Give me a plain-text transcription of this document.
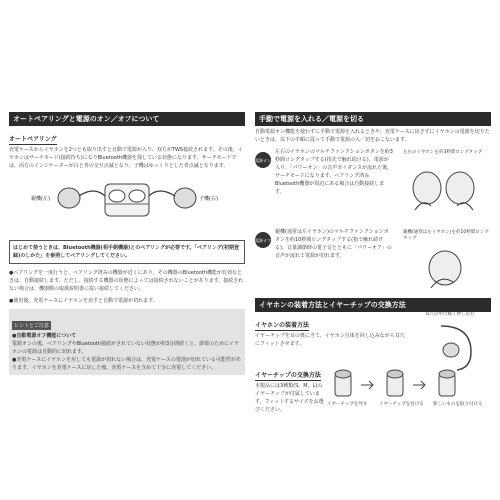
オートペアリングと電源のオン／オフについて
オートペアリング
充電ケースからイヤホンを2つとも取り出すと自動で電源が入り、双方がTWS接続されます。その後、イヤホンはサーチモード(接続待ち)になりBluetooth機器を探している状態になります。サーチモードでは、両方のインジケーターが白と青の交互点滅となり、子機はゆっくりとした青点滅となります。
親機(左)	子機(右)
はじめて使うときは、Bluetooth機器(相手側機器)とのペアリングが必要です。「ペアリング(初期登録)のしかた」を参照してペアリングしてください。
●ペアリングを一度行うと、ペアリング済みの機器が近くにあり、その機器のBluetooth機能が有効なときは、自動接続します。ただし、接続する機器の状態によっては接続されないことがあります。接続されない場合は、機器側の取扱説明書に従い接続してください。
●使用後、充電ケースにイヤホンを戻すと自動で電源が切れます。
ヒントとご注意
●自動電源オフ機能について
電源オンの後、ペアリングやBluetooth接続がされていない状態が約3分間続くと、節電のためにイヤホンの電源は自動的に切れます。
●充電ケースにイヤホンを戻しても電源が切れない場合は、充電ケースの電池が切れている可能性があります。イヤホンを充電ケースに戻した後、充電ケースを含めて十分に充電してください。
手動で電源を入れる／電源を切る
自動電源オン機能を使わずに手動で電源を入れるときや、充電ケースに戻さずにイヤホンの電源を切りたいときは、以下の手順に従って手動で電源の入／切をおこないます。
電源オン
左右のイヤホンのマルチファンクションボタンを約3秒間ロングタップする(指先で触れ続ける)。電源が入り、「パワーオン」の音声ガイダンスが流れた後、サーチモードになります。ペアリング済みBluetooth機器が周辺にある場合は自動接続します。
左右のイヤホンを約3秒間ロングタップ
電源オフ
親機(通常は左イヤホン)のマルチファンクションボタンを約10秒間ロングタップする(指で触れ続ける)。音量調節時の電子音とともに「パワーオフ」の音声が流れて電源が切れます。
親機(通常は左イヤホン)を約10秒間ロングタップ
イヤホンの装着方法とイヤーチップの交換方法
イヤホンの装着方法
イヤーチップを耳の奥に当て、イヤホン自体を回し込みながら耳穴にフィットさせます。
耳穴の中に軽く押し込む
イヤーチップの交換方法
本製品には3種類(S、M、L)のイヤーチップが付属しています。フィットするサイズをお選びください。
イヤーチップを外す	イヤーチップを付ける	新しいものを取り付ける
